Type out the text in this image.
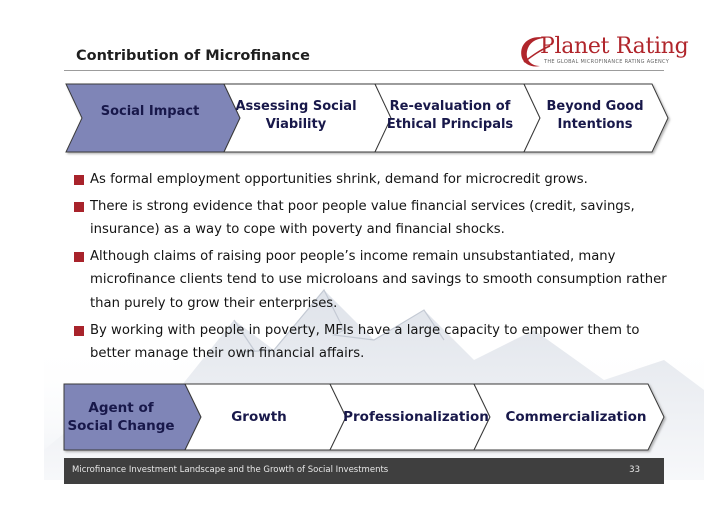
Contribution of Microfinance	Planet Rating
THE GLOBAL MICROFINANCE RATING AGENCY
Social Impact	Assessing Social Viability
Re-evaluation of Ethical Principals
Beyond Good Intentions
As formal employment opportunities shrink, demand for microcredit grows.
There is strong evidence that poor people value financial services (credit, savings, insurance) as a way to cope with poverty and financial shocks.
Although claims of raising poor people’s income remain unsubstantiated, many microfinance clients tend to use microloans and savings to smooth consumption rather than purely to grow their enterprises.
By working with people in poverty, MFIs have a large capacity to empower them to better manage their own financial affairs.
Agent of Social Change
Growth	Professionalization	Commercialization
Microfinance Investment Landscape and the Growth of Social Investments	33
